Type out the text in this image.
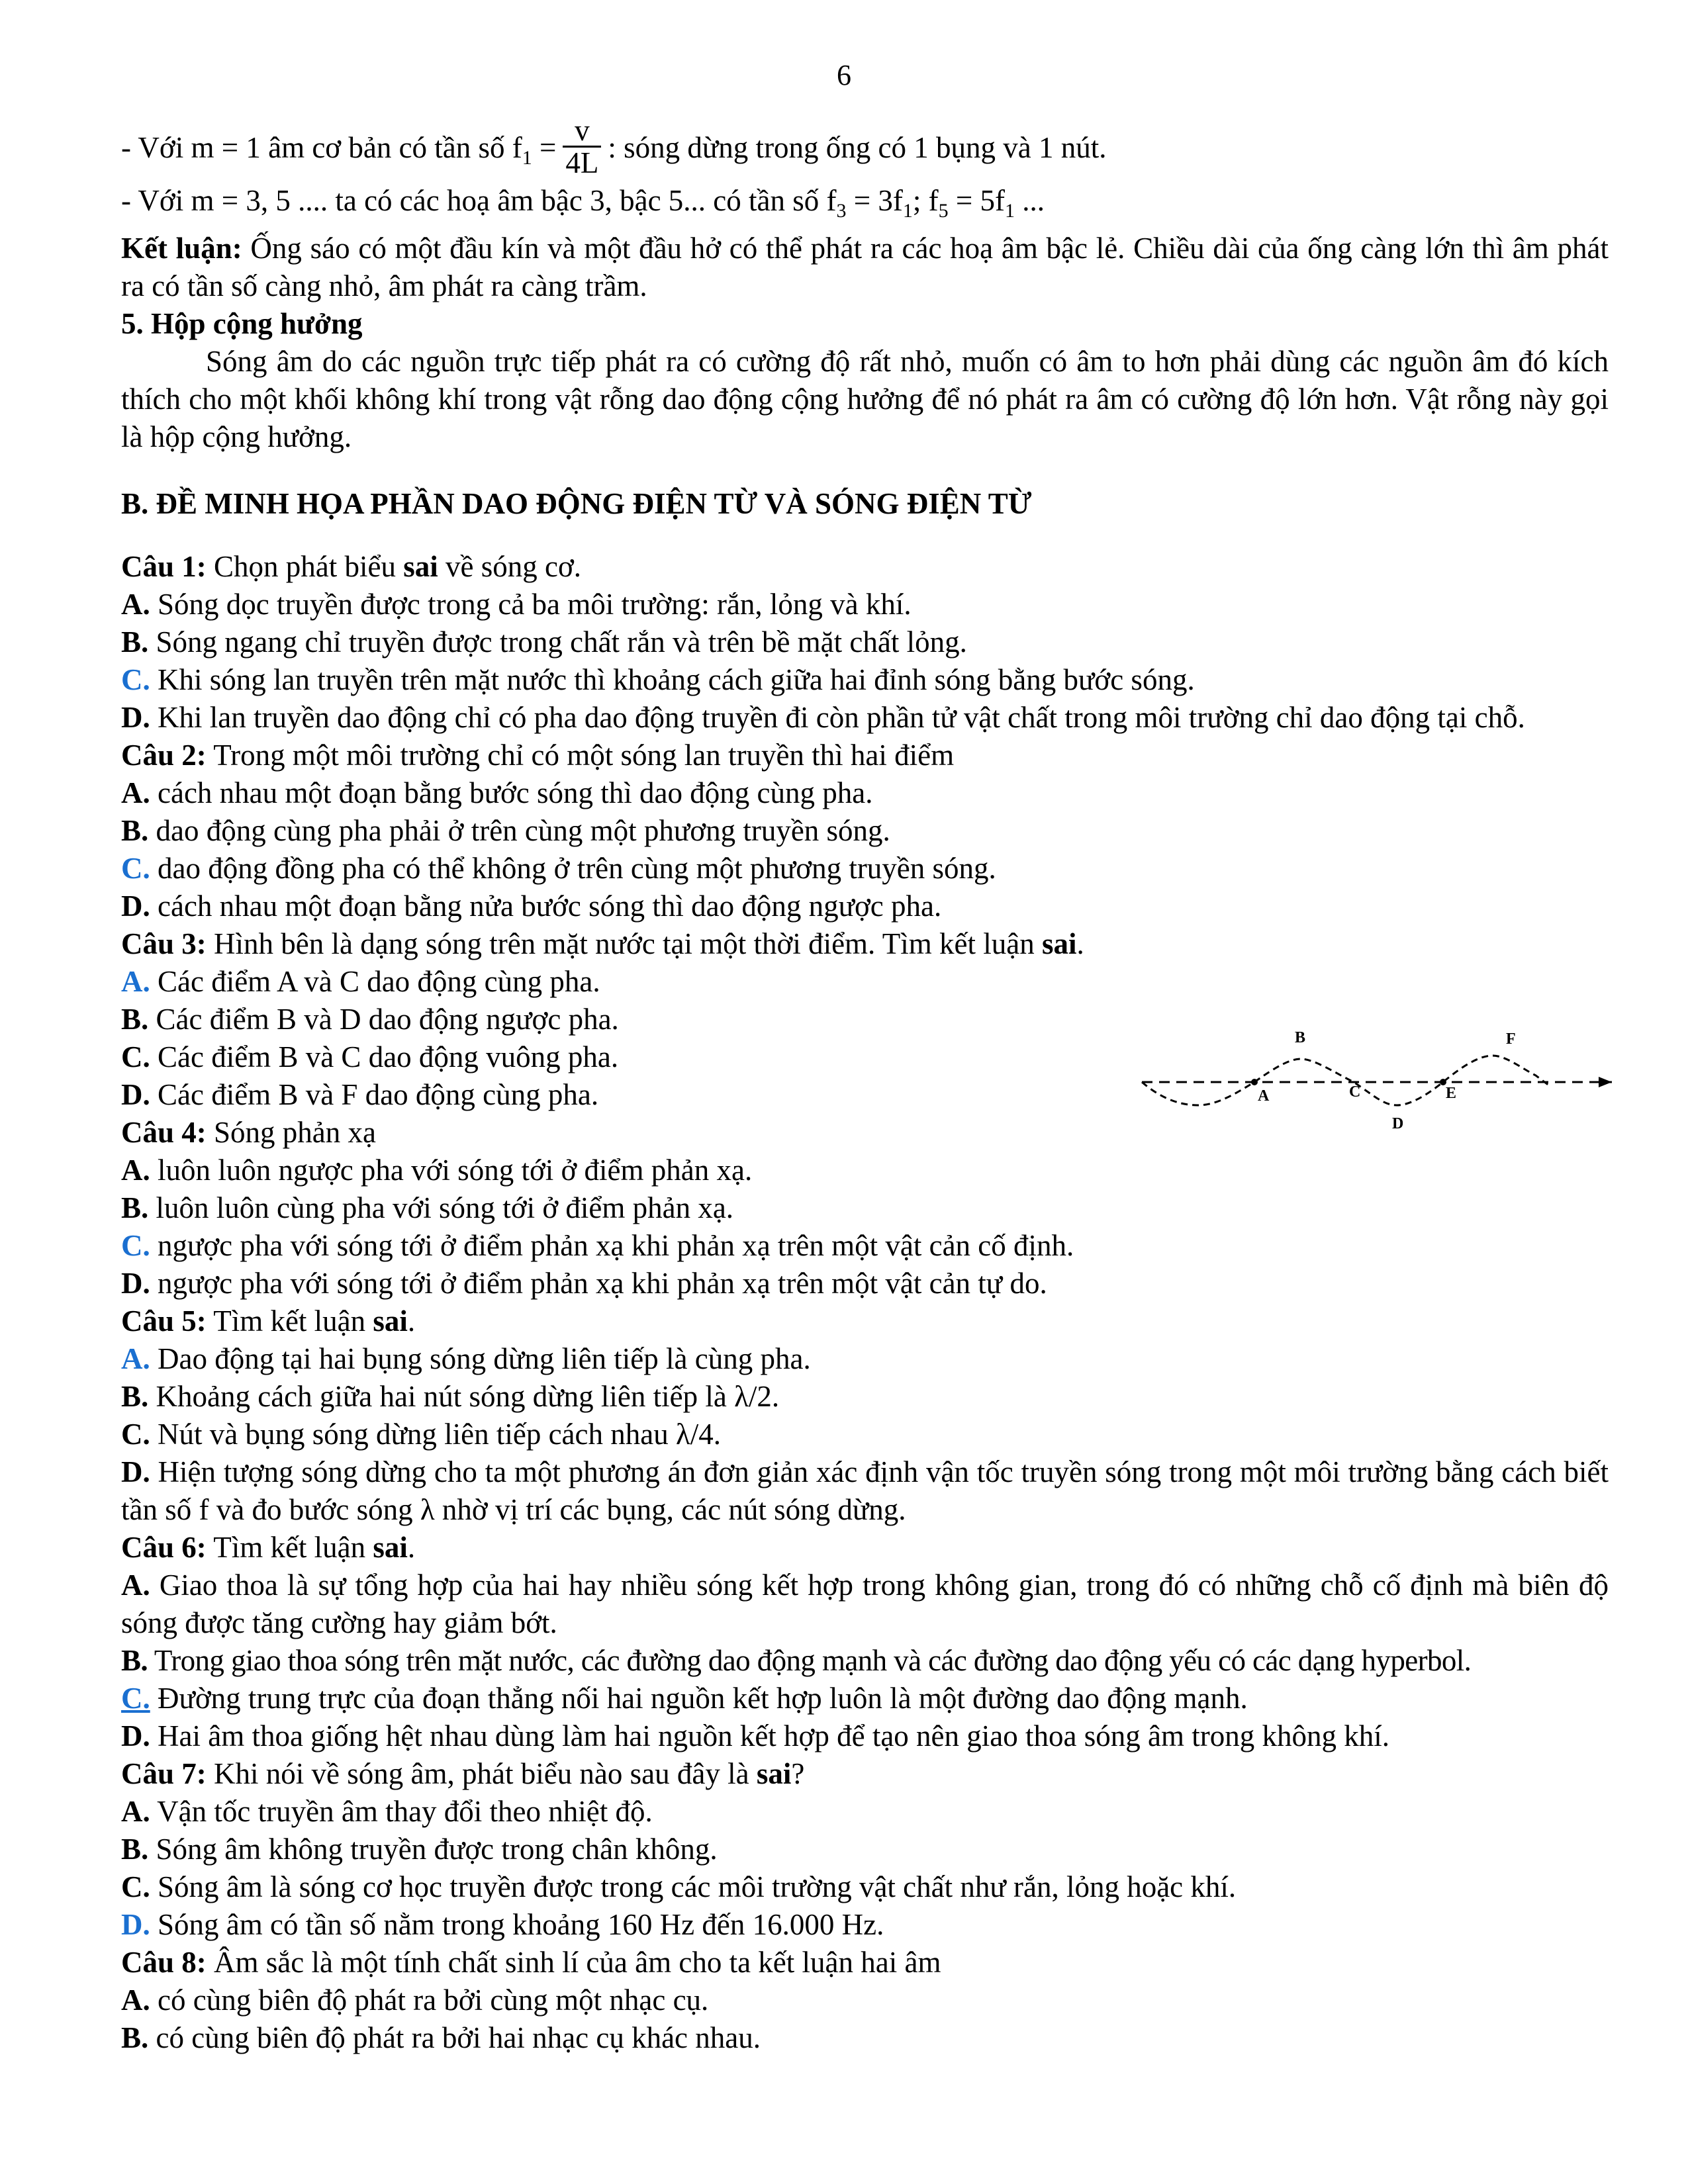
6
- Với m = 1 âm cơ bản có tần số $f_1 = \frac{v}{4L}$ : sóng dừng trong ống có 1 bụng và 1 nút.
- Với m = 3, 5 .... ta có các hoạ âm bậc 3, bậc 5... có tần số $f_3 = 3f_1$; $f_5 = 5f_1$ ...
Kết luận: Ống sáo có một đầu kín và một đầu hở có thể phát ra các hoạ âm bậc lẻ. Chiều dài của ống càng lớn thì âm phát ra có tần số càng nhỏ, âm phát ra càng trầm.
5. Hộp cộng hưởng
Sóng âm do các nguồn trực tiếp phát ra có cường độ rất nhỏ, muốn có âm to hơn phải dùng các nguồn âm đó kích thích cho một khối không khí trong vật rỗng dao động cộng hưởng để nó phát ra âm có cường độ lớn hơn. Vật rỗng này gọi là hộp cộng hưởng.
B. ĐỀ MINH HỌA PHẦN DAO ĐỘNG ĐIỆN TỪ VÀ SÓNG ĐIỆN TỪ
Câu 1: Chọn phát biểu sai về sóng cơ.
A. Sóng dọc truyền được trong cả ba môi trường: rắn, lỏng và khí.
B. Sóng ngang chỉ truyền được trong chất rắn và trên bề mặt chất lỏng.
C. Khi sóng lan truyền trên mặt nước thì khoảng cách giữa hai đỉnh sóng bằng bước sóng.
D. Khi lan truyền dao động chỉ có pha dao động truyền đi còn phần tử vật chất trong môi trường chỉ dao động tại chỗ.
Câu 2: Trong một môi trường chỉ có một sóng lan truyền thì hai điểm
A. cách nhau một đoạn bằng bước sóng thì dao động cùng pha.
B. dao động cùng pha phải ở trên cùng một phương truyền sóng.
C. dao động đồng pha có thể không ở trên cùng một phương truyền sóng.
D. cách nhau một đoạn bằng nửa bước sóng thì dao động ngược pha.
Câu 3: Hình bên là dạng sóng trên mặt nước tại một thời điểm. Tìm kết luận sai.
A. Các điểm A và C dao động cùng pha.
B. Các điểm B và D dao động ngược pha.
C. Các điểm B và C dao động vuông pha.
D. Các điểm B và F dao động cùng pha.
Câu 4: Sóng phản xạ
A. luôn luôn ngược pha với sóng tới ở điểm phản xạ.
B. luôn luôn cùng pha với sóng tới ở điểm phản xạ.
C. ngược pha với sóng tới ở điểm phản xạ khi phản xạ trên một vật cản cố định.
D. ngược pha với sóng tới ở điểm phản xạ khi phản xạ trên một vật cản tự do.
Câu 5: Tìm kết luận sai.
A. Dao động tại hai bụng sóng dừng liên tiếp là cùng pha.
B. Khoảng cách giữa hai nút sóng dừng liên tiếp là λ/2.
C. Nút và bụng sóng dừng liên tiếp cách nhau λ/4.
D. Hiện tượng sóng dừng cho ta một phương án đơn giản xác định vận tốc truyền sóng trong một môi trường bằng cách biết tần số f và đo bước sóng λ nhờ vị trí các bụng, các nút sóng dừng.
Câu 6: Tìm kết luận sai.
A. Giao thoa là sự tổng hợp của hai hay nhiều sóng kết hợp trong không gian, trong đó có những chỗ cố định mà biên độ sóng được tăng cường hay giảm bớt.
B. Trong giao thoa sóng trên mặt nước, các đường dao động mạnh và các đường dao động yếu có các dạng hyperbol.
C. Đường trung trực của đoạn thẳng nối hai nguồn kết hợp luôn là một đường dao động mạnh.
D. Hai âm thoa giống hệt nhau dùng làm hai nguồn kết hợp để tạo nên giao thoa sóng âm trong không khí.
Câu 7: Khi nói về sóng âm, phát biểu nào sau đây là sai?
A. Vận tốc truyền âm thay đổi theo nhiệt độ.
B. Sóng âm không truyền được trong chân không.
C. Sóng âm là sóng cơ học truyền được trong các môi trường vật chất như rắn, lỏng hoặc khí.
D. Sóng âm có tần số nằm trong khoảng 160 Hz đến 16.000 Hz.
Câu 8: Âm sắc là một tính chất sinh lí của âm cho ta kết luận hai âm
A. có cùng biên độ phát ra bởi cùng một nhạc cụ.
B. có cùng biên độ phát ra bởi hai nhạc cụ khác nhau.
A
B
C
D
E
F
